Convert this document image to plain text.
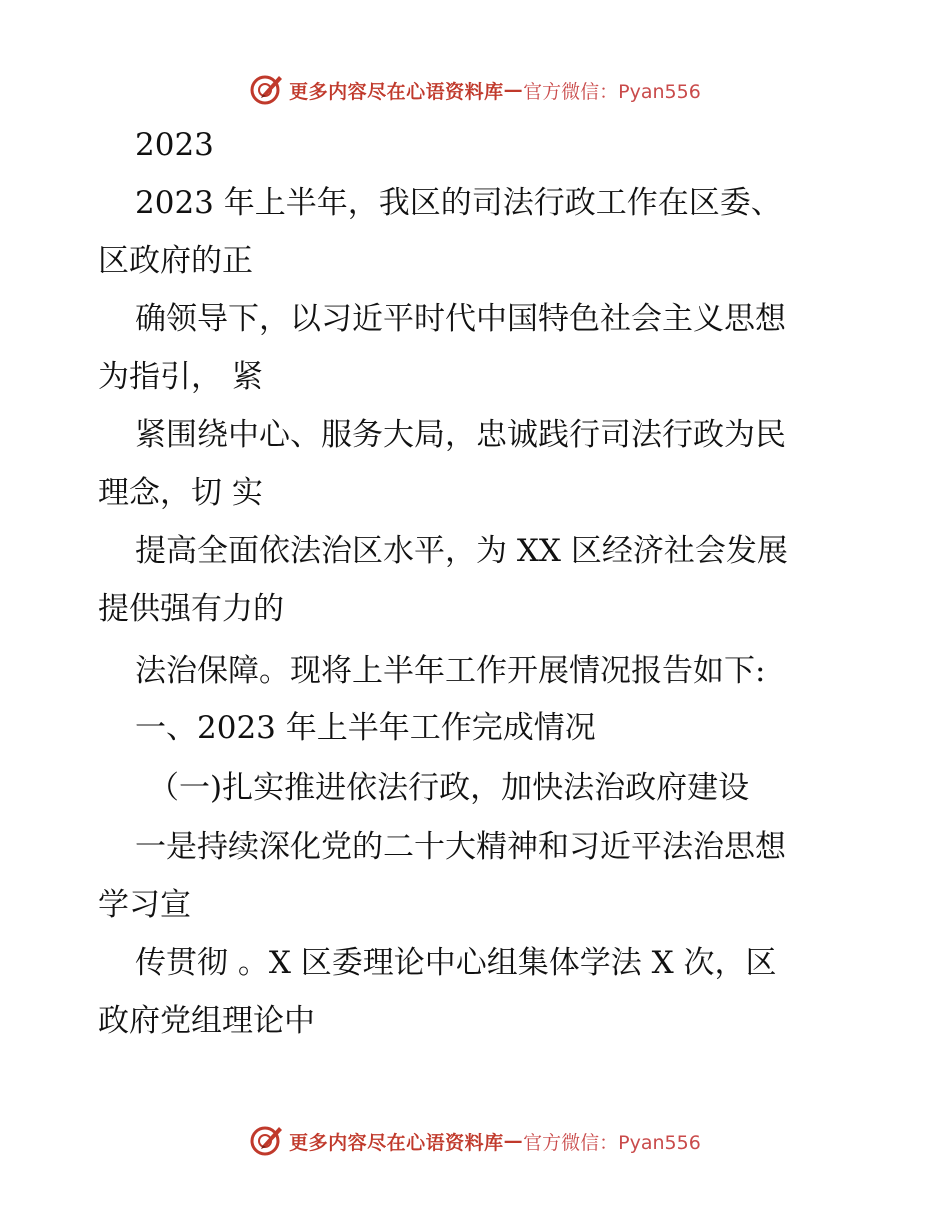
更多内容尽在心语资料库 — 官方微信：Pyan556
2023
2023 年上半年，我区的司法行政工作在区委、
区政府的正
确领导下，以习近平时代中国特色社会主义思想
为指引， 紧
紧围绕中心、服务大局，忠诚践行司法行政为民
理念，切 实
提高全面依法治区水平，为 XX 区经济社会发展
提供强有力的
法治保障。现将上半年工作开展情况报告如下:
一、2023 年上半年工作完成情况
（一)扎实推进依法行政，加快法治政府建设
一是持续深化党的二十大精神和习近平法治思想
学习宣
传贯彻 。X 区委理论中心组集体学法 X 次，区
政府党组理论中
更多内容尽在心语资料库 — 官方微信：Pyan556
